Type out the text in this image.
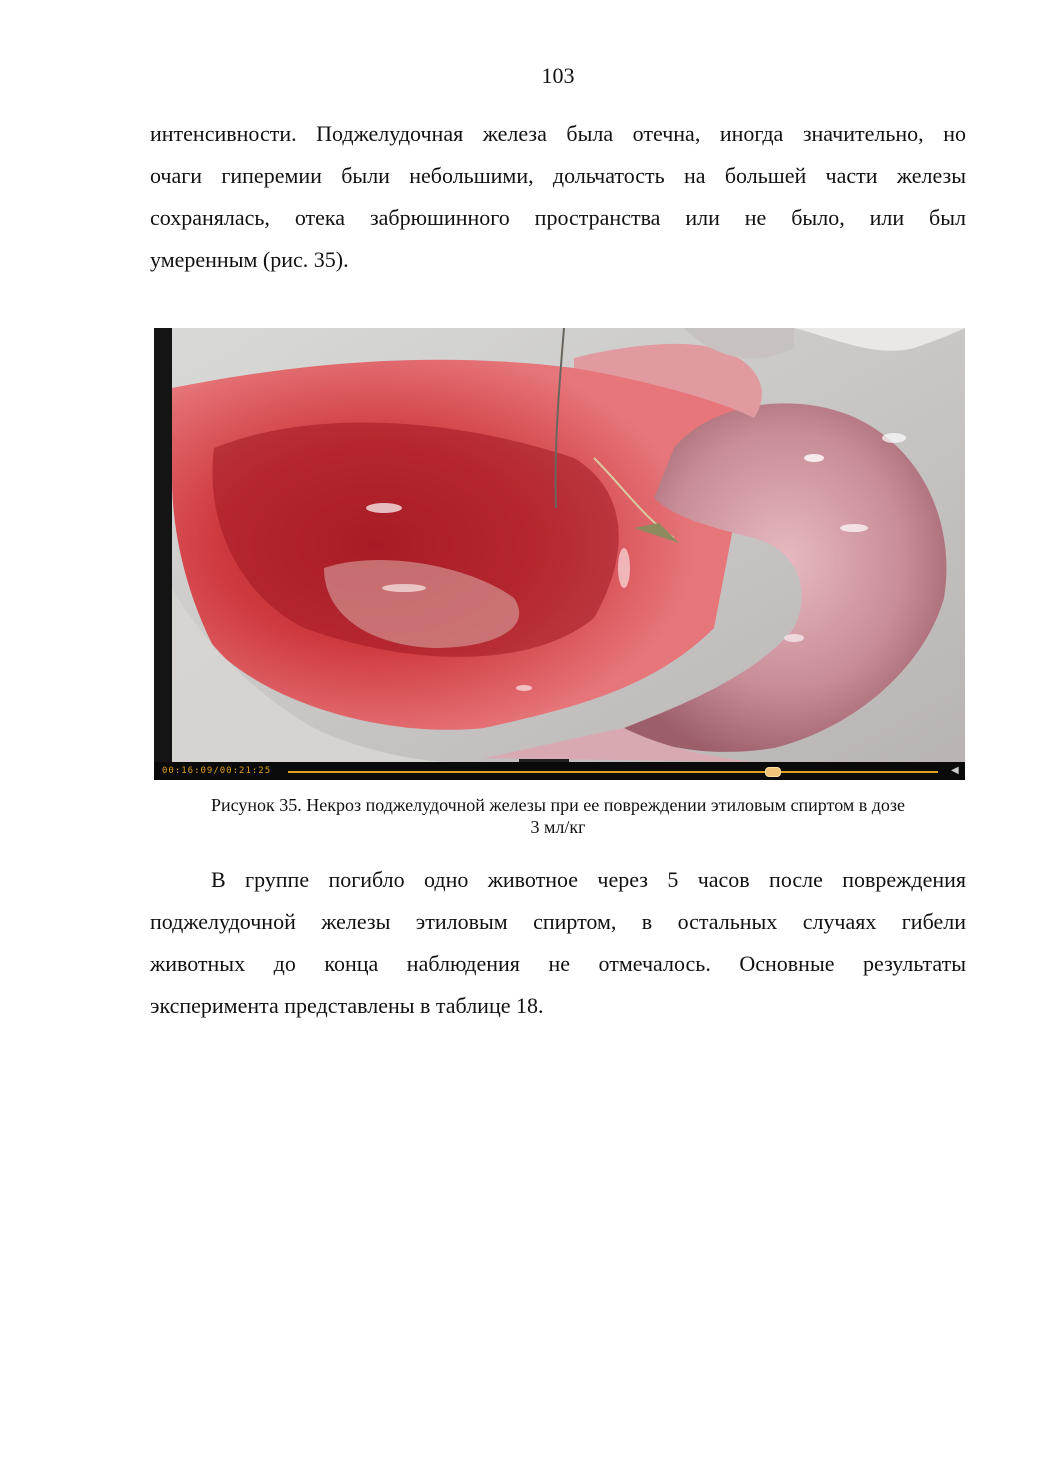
103
интенсивности. Поджелудочная железа была отечна, иногда значительно, но
очаги гиперемии были небольшими, дольчатость на большей части железы
сохранялась, отека забрюшинного пространства или не было, или был
умеренным (рис. 35).
00:16:09/00:21:25	◀
Рисунок 35. Некроз поджелудочной железы при ее повреждении этиловым спиртом в дозе
3 мл/кг
В группе погибло одно животное через 5 часов после повреждения
поджелудочной железы этиловым спиртом, в остальных случаях гибели
животных до конца наблюдения не отмечалось. Основные результаты
эксперимента представлены в таблице 18.
